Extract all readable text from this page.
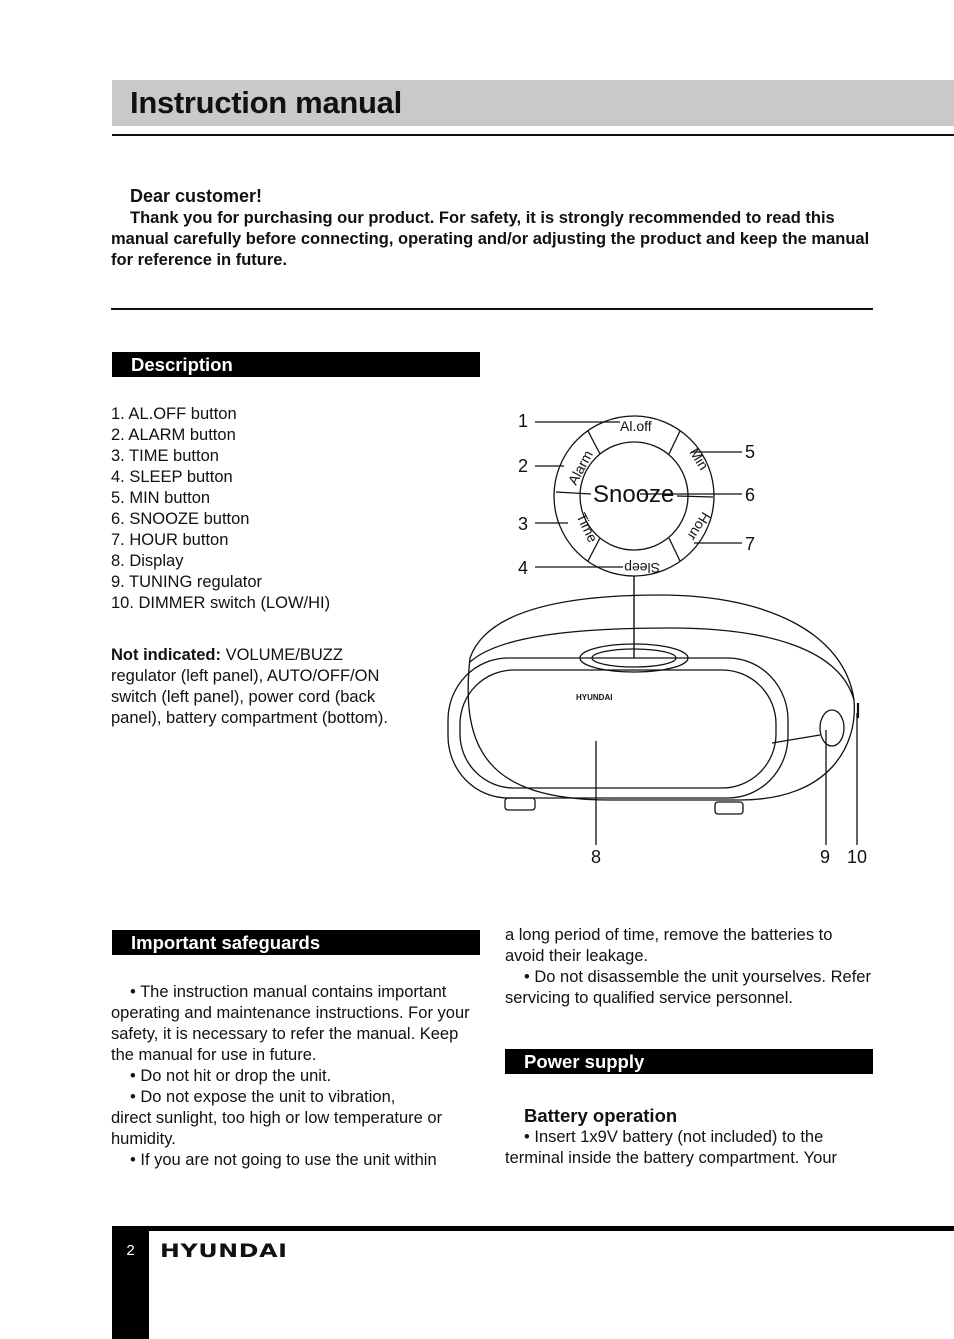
Instruction manual
Dear customer!
Thank you for purchasing our product. For safety, it is strongly recommended to read this manual carefully before connecting, operating and/or adjusting the product and keep the manual for reference in future.
Description
1. AL.OFF button
2. ALARM button
3. TIME button
4. SLEEP button
5. MIN button
6. SNOOZE button
7. HOUR button
8. Display
9. TUNING regulator
10. DIMMER switch (LOW/HI)
Not indicated: VOLUME/BUZZ regulator (left panel), AUTO/OFF/ON switch (left panel), power cord (back panel), battery compartment (bottom).
Al.off
Alarm	Min
Hour
Time
Sleep
Snooze
HYUNDAI
1
2
3
4
5
6
7
8	9 10
Important safeguards

• The instruction manual contains important operating and maintenance instructions. For your safety, it is necessary to refer the manual. Keep the manual for use in future.

• Do not hit or drop the unit.

• Do not expose the unit to vibration,

direct sunlight, too high or low temperature or humidity.

• If you are not going to use the unit within

a long period of time, remove the batteries to avoid their leakage.

• Do not disassemble the unit yourselves. Refer servicing to qualified service personnel.

Power supply
Battery operation

• Insert 1x9V battery (not included) to the terminal inside the battery compartment. Your

2	HYUNDAI
